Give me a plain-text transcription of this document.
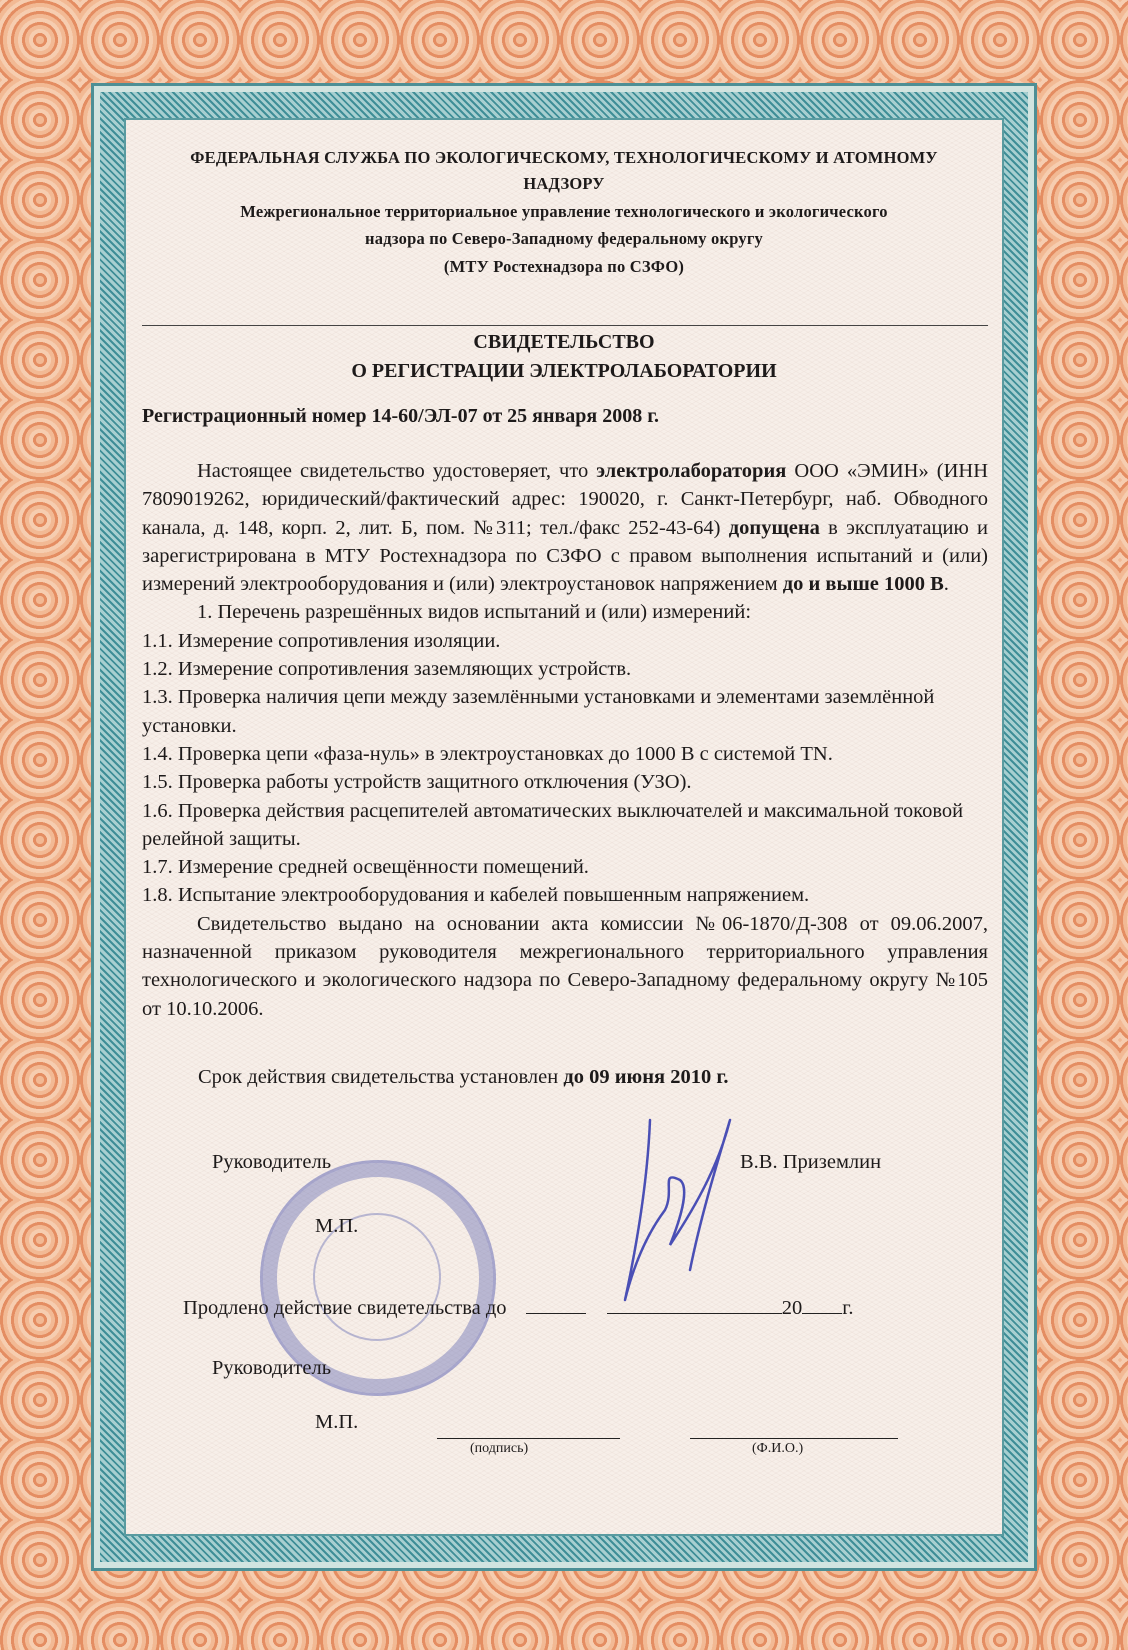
ФЕДЕРАЛЬНАЯ СЛУЖБА ПО ЭКОЛОГИЧЕСКОМУ, ТЕХНОЛОГИЧЕСКОМУ И АТОМНОМУ
НАДЗОРУ
Межрегиональное территориальное управление технологического и экологического
надзора по Северо-Западному федеральному округу
(МТУ Ростехнадзора по СЗФО)
СВИДЕТЕЛЬСТВО
О РЕГИСТРАЦИИ ЭЛЕКТРОЛАБОРАТОРИИ
Регистрационный номер 14-60/ЭЛ-07 от 25 января 2008 г.

Настоящее свидетельство удостоверяет, что электролаборатория ООО «ЭМИН» (ИНН 7809019262, юридический/фактический адрес: 190020, г. Санкт-Петербург, наб. Обводного канала, д. 148, корп. 2, лит. Б, пом. №311; тел./факс 252-43-64) допущена в эксплуатацию и зарегистрирована в МТУ Ростехнадзора по СЗФО с правом выполнения испытаний и (или) измерений электрооборудования и (или) электроустановок напряжением до и выше 1000 В.

1. Перечень разрешённых видов испытаний и (или) измерений:

1.1. Измерение сопротивления изоляции.

1.2. Измерение сопротивления заземляющих устройств.

1.3. Проверка наличия цепи между заземлёнными установками и элементами заземлённой установки.

1.4. Проверка цепи «фаза-нуль» в электроустановках до 1000 В с системой TN.

1.5. Проверка работы устройств защитного отключения (УЗО).

1.6. Проверка действия расцепителей автоматических выключателей и максимальной токовой релейной защиты.

1.7. Измерение средней освещённости помещений.

1.8. Испытание электрооборудования и кабелей повышенным напряжением.

Свидетельство выдано на основании акта комиссии №06-1870/Д-308 от 09.06.2007, назначенной приказом руководителя межрегионального территориального управления технологического и экологического надзора по Северо-Западному федеральному округу №105 от 10.10.2006.

Срок действия свидетельства установлен до 09 июня 2010 г.
Руководитель	В.В. Приземлин
М.П.
Продлено действие свидетельства до	20 г.
Руководитель
М.П.
(подпись)	(Ф.И.О.)
